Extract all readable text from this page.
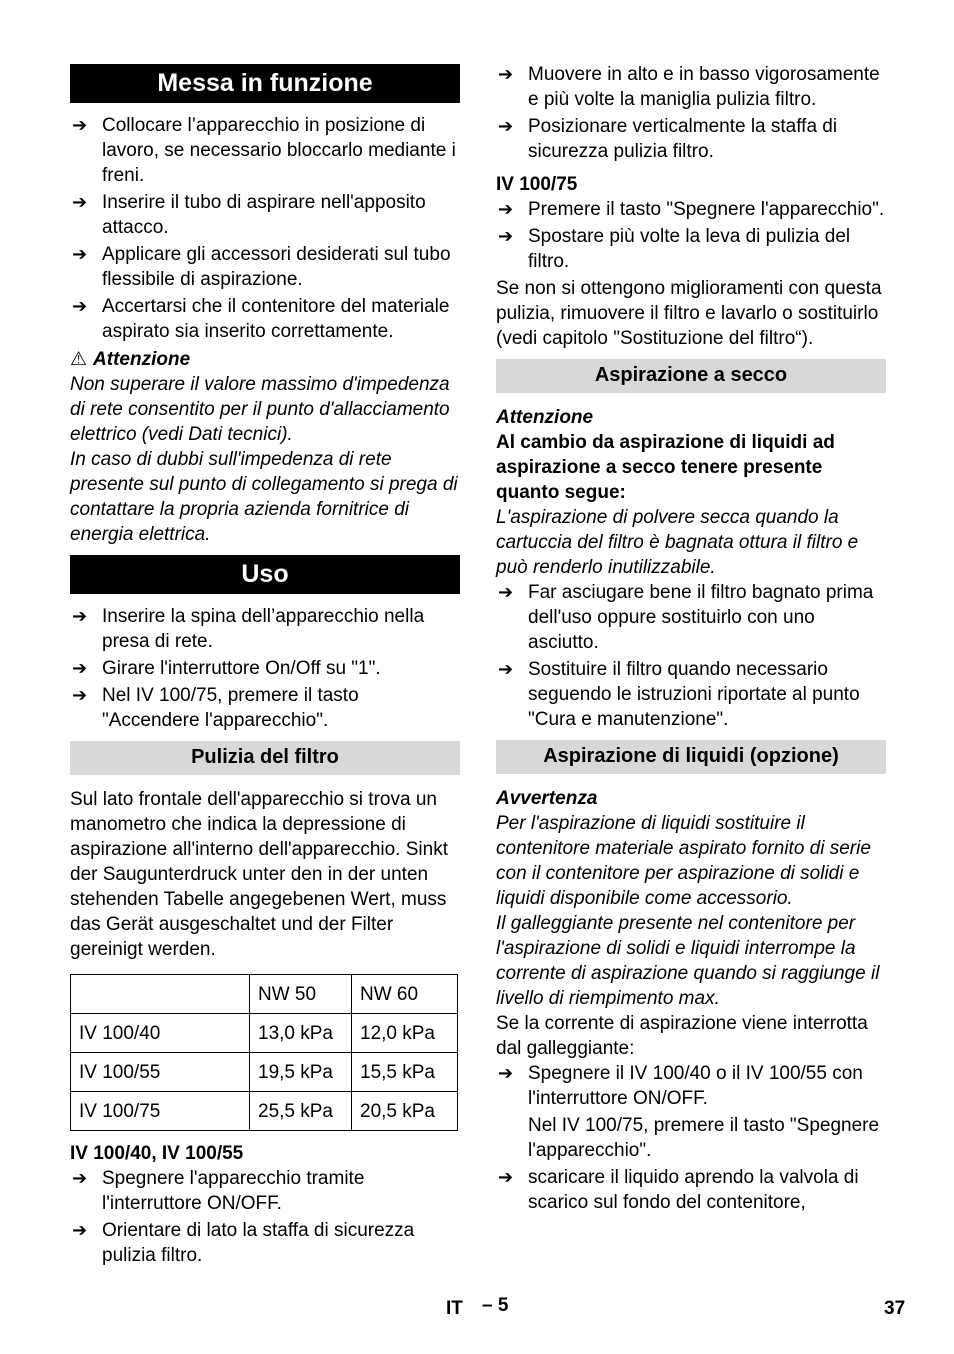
Messa in funzione
➔ Collocare l’apparecchio in posizione di lavoro, se necessario bloccarlo mediante i freni.
➔ Inserire il tubo di aspirare nell'apposito attacco.
➔ Applicare gli accessori desiderati sul tubo flessibile di aspirazione.
➔ Accertarsi che il contenitore del materiale aspirato sia inserito correttamente.
⚠ Attenzione

Non superare il valore massimo d'impedenza di rete consentito per il punto d'allacciamento elettrico (vedi Dati tecnici).

In caso di dubbi sull'impedenza di rete presente sul punto di collegamento si prega di contattare la propria azienda fornitrice di energia elettrica.

Uso
➔ Inserire la spina dell’apparecchio nella presa di rete.
➔ Girare l'interruttore On/Off su "1".
➔ Nel IV 100/75, premere il tasto "Accendere l'apparecchio".
Pulizia del filtro

Sul lato frontale dell'apparecchio si trova un manometro che indica la depressione di aspirazione all'interno dell'apparecchio. Sinkt der Saugunterdruck unter den in der unten stehenden Tabelle angegebenen Wert, muss das Gerät ausgeschaltet und der Filter gereinigt werden.

	NW 50	NW 60
IV 100/40	13,0 kPa	12,0 kPa
IV 100/55	19,5 kPa	15,5 kPa
IV 100/75	25,5 kPa	20,5 kPa

IV 100/40, IV 100/55

➔ Spegnere l'apparecchio tramite l'interruttore ON/OFF.
➔ Orientare di lato la staffa di sicurezza pulizia filtro.
➔ Muovere in alto e in basso vigorosamente e più volte la maniglia pulizia filtro.
➔ Posizionare verticalmente la staffa di sicurezza pulizia filtro.

IV 100/75

➔ Premere il tasto "Spegnere l'apparecchio".
➔ Spostare più volte la leva di pulizia del filtro.

Se non si ottengono miglioramenti con questa pulizia, rimuovere il filtro e lavarlo o sostituirlo (vedi capitolo "Sostituzione del filtro“).

Aspirazione a secco

Attenzione

Al cambio da aspirazione di liquidi ad aspirazione a secco tenere presente quanto segue:

L'aspirazione di polvere secca quando la cartuccia del filtro è bagnata ottura il filtro e può renderlo inutilizzabile.

➔ Far asciugare bene il filtro bagnato prima dell'uso oppure sostituirlo con uno asciutto.
➔ Sostituire il filtro quando necessario seguendo le istruzioni riportate al punto "Cura e manutenzione".
Aspirazione di liquidi (opzione)

Avvertenza

Per l'aspirazione di liquidi sostituire il contenitore materiale aspirato fornito di serie con il contenitore per aspirazione di solidi e liquidi disponibile come accessorio.

Il galleggiante presente nel contenitore per l'aspirazione di solidi e liquidi interrompe la corrente di aspirazione quando si raggiunge il livello di riempimento max.

Se la corrente di aspirazione viene interrotta dal galleggiante:

➔ Spegnere il IV 100/40 o il IV 100/55 con l'interruttore ON/OFF.
Nel IV 100/75, premere il tasto "Spegnere l'apparecchio".
➔ scaricare il liquido aprendo la valvola di scarico sul fondo del contenitore,
IT – 5	37
